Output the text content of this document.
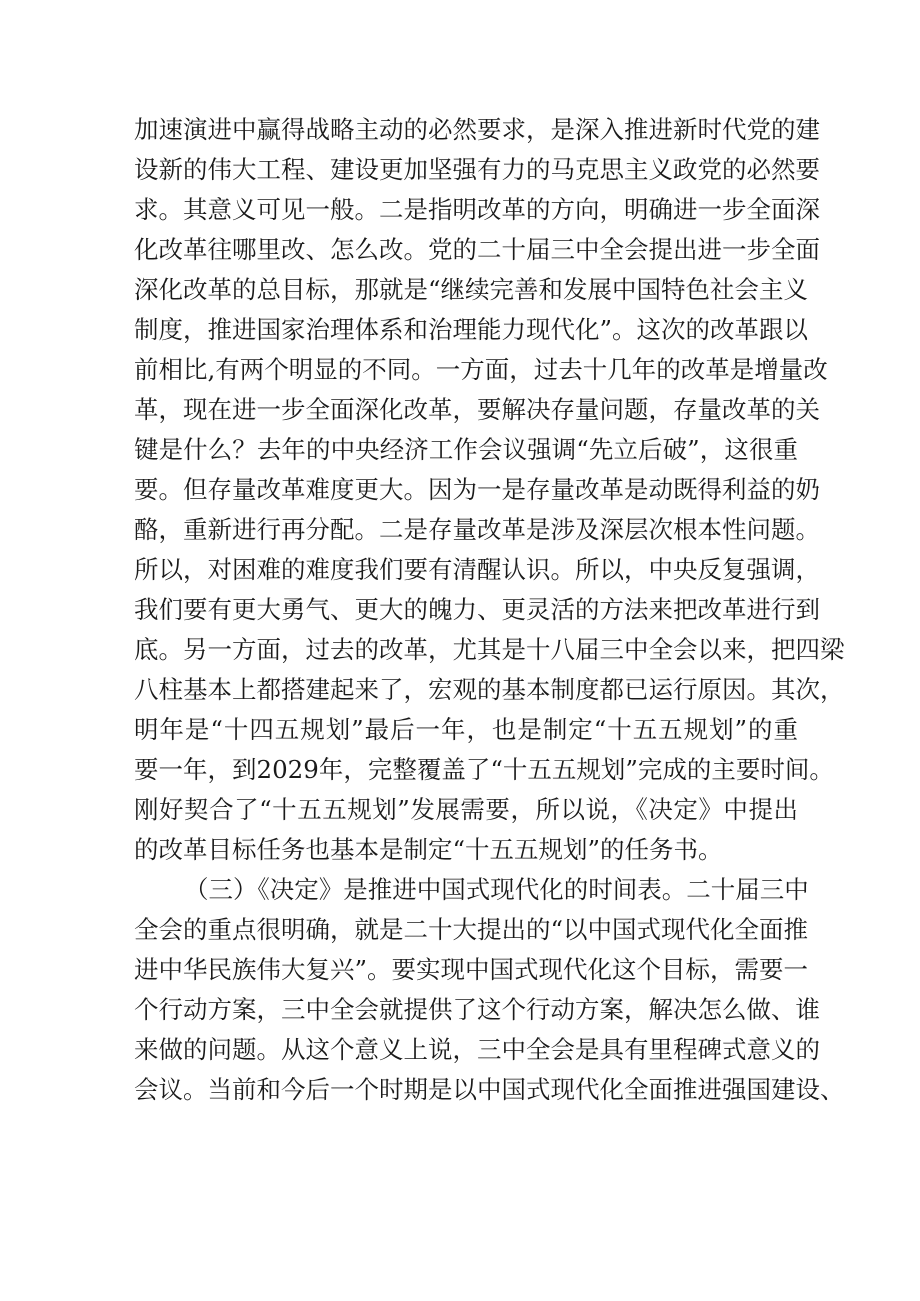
加速演进中赢得战略主动的必然要求，是深入推进新时代党的建
设新的伟大工程、建设更加坚强有力的马克思主义政党的必然要
求。其意义可见一般。二是指明改革的方向，明确进一步全面深
化改革往哪里改、怎么改。党的二十届三中全会提出进一步全面
深化改革的总目标，那就是“继续完善和发展中国特色社会主义
制度，推进国家治理体系和治理能力现代化”。这次的改革跟以
前相比,有两个明显的不同。一方面，过去十几年的改革是增量改
革，现在进一步全面深化改革，要解决存量问题，存量改革的关
键是什么？去年的中央经济工作会议强调“先立后破”，这很重
要。但存量改革难度更大。因为一是存量改革是动既得利益的奶
酪，重新进行再分配。二是存量改革是涉及深层次根本性问题。
所以，对困难的难度我们要有清醒认识。所以，中央反复强调，
我们要有更大勇气、更大的魄力、更灵活的方法来把改革进行到
底。另一方面，过去的改革，尤其是十八届三中全会以来，把四梁
八柱基本上都搭建起来了，宏观的基本制度都已运行原因。其次，
明年是“十四五规划”最后一年，也是制定“十五五规划”的重
要一年，到2029年，完整覆盖了“十五五规划”完成的主要时间。
刚好契合了“十五五规划”发展需要，所以说，《决定》中提出
的改革目标任务也基本是制定“十五五规划”的任务书。
（三）《决定》是推进中国式现代化的时间表。二十届三中
全会的重点很明确，就是二十大提出的“以中国式现代化全面推
进中华民族伟大复兴”。要实现中国式现代化这个目标，需要一
个行动方案，三中全会就提供了这个行动方案，解决怎么做、谁
来做的问题。从这个意义上说，三中全会是具有里程碑式意义的
会议。当前和今后一个时期是以中国式现代化全面推进强国建设、
